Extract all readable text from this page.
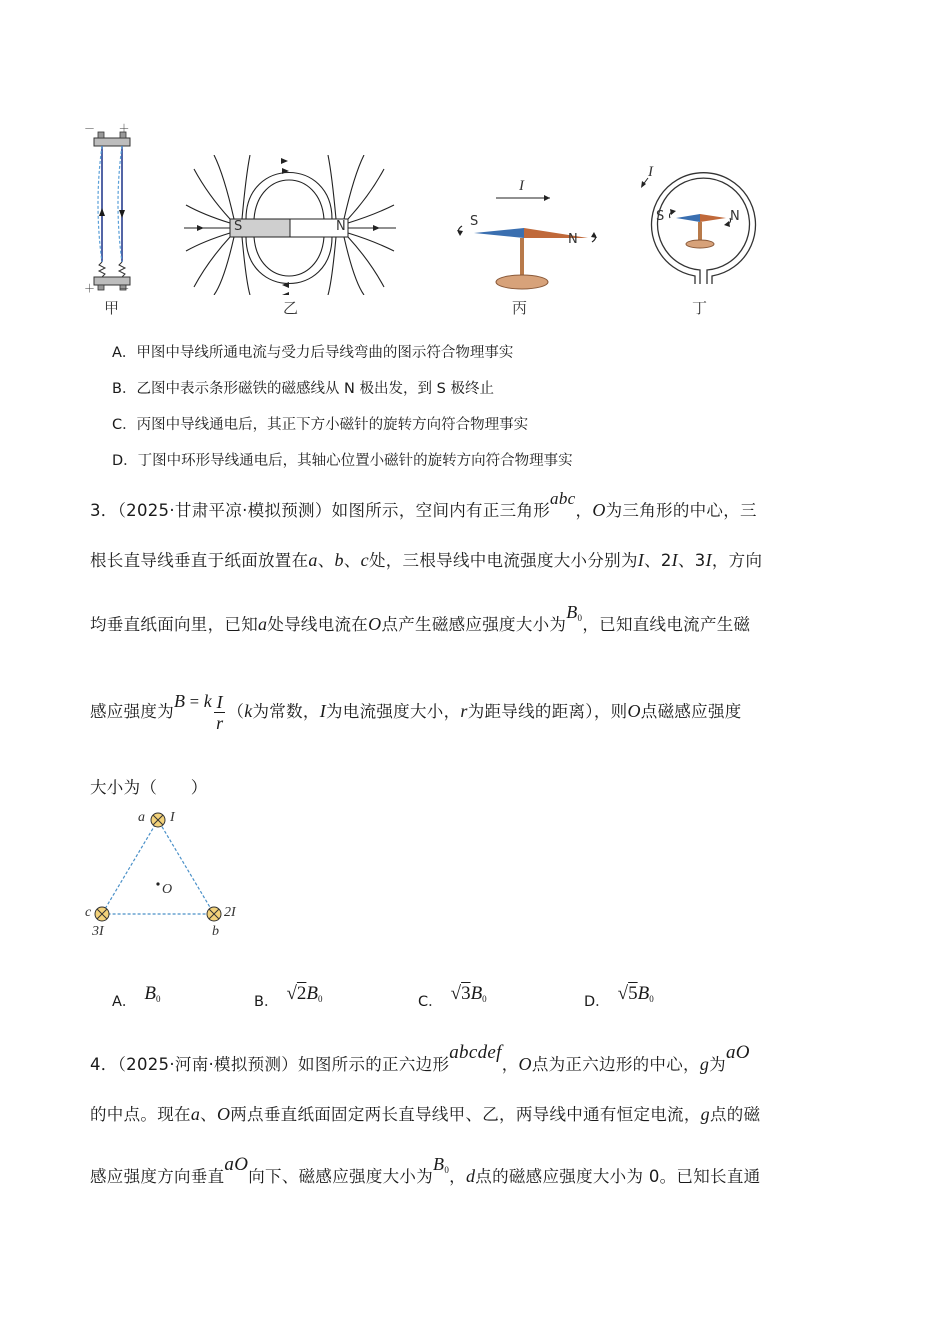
－ ＋
＋ －
甲
S	N
乙
I
S
N
丙
I
S	N
丁
A．甲图中导线所通电流与受力后导线弯曲的图示符合物理事实
B．乙图中表示条形磁铁的磁感线从 N 极出发，到 S 极终止
C．丙图中导线通电后，其正下方小磁针的旋转方向符合物理事实
D．丁图中环形导线通电后，其轴心位置小磁针的旋转方向符合物理事实
3．（2025·甘肃平凉·模拟预测）如图所示，空间内有正三角形abc，O为三角形的中心，三
根长直导线垂直于纸面放置在a、b、c处，三根导线中电流强度大小分别为I、2I、3I，方向
均垂直纸面向里，已知a处导线电流在O点产生磁感应强度大小为$B_0$，已知直线电流产生磁
感应强度为B = k $\frac{I}{r} (k$为常数，I为电流强度大小，r为距导线的距离），则O点磁感应强度
大小为（　　）
a I
O
c	2I
3I	b
A． $B_0$	B． $√2B_0$	C． $√3B_0$	D． $√5B_0$
4．（2025·河南·模拟预测）如图所示的正六边形abcdef，O点为正六边形的中心，g为aO
的中点。现在a、O两点垂直纸面固定两长直导线甲、乙，两导线中通有恒定电流，g点的磁
感应强度方向垂直aO向下、磁感应强度大小为$B_0$，d点的磁感应强度大小为 0。已知长直通
